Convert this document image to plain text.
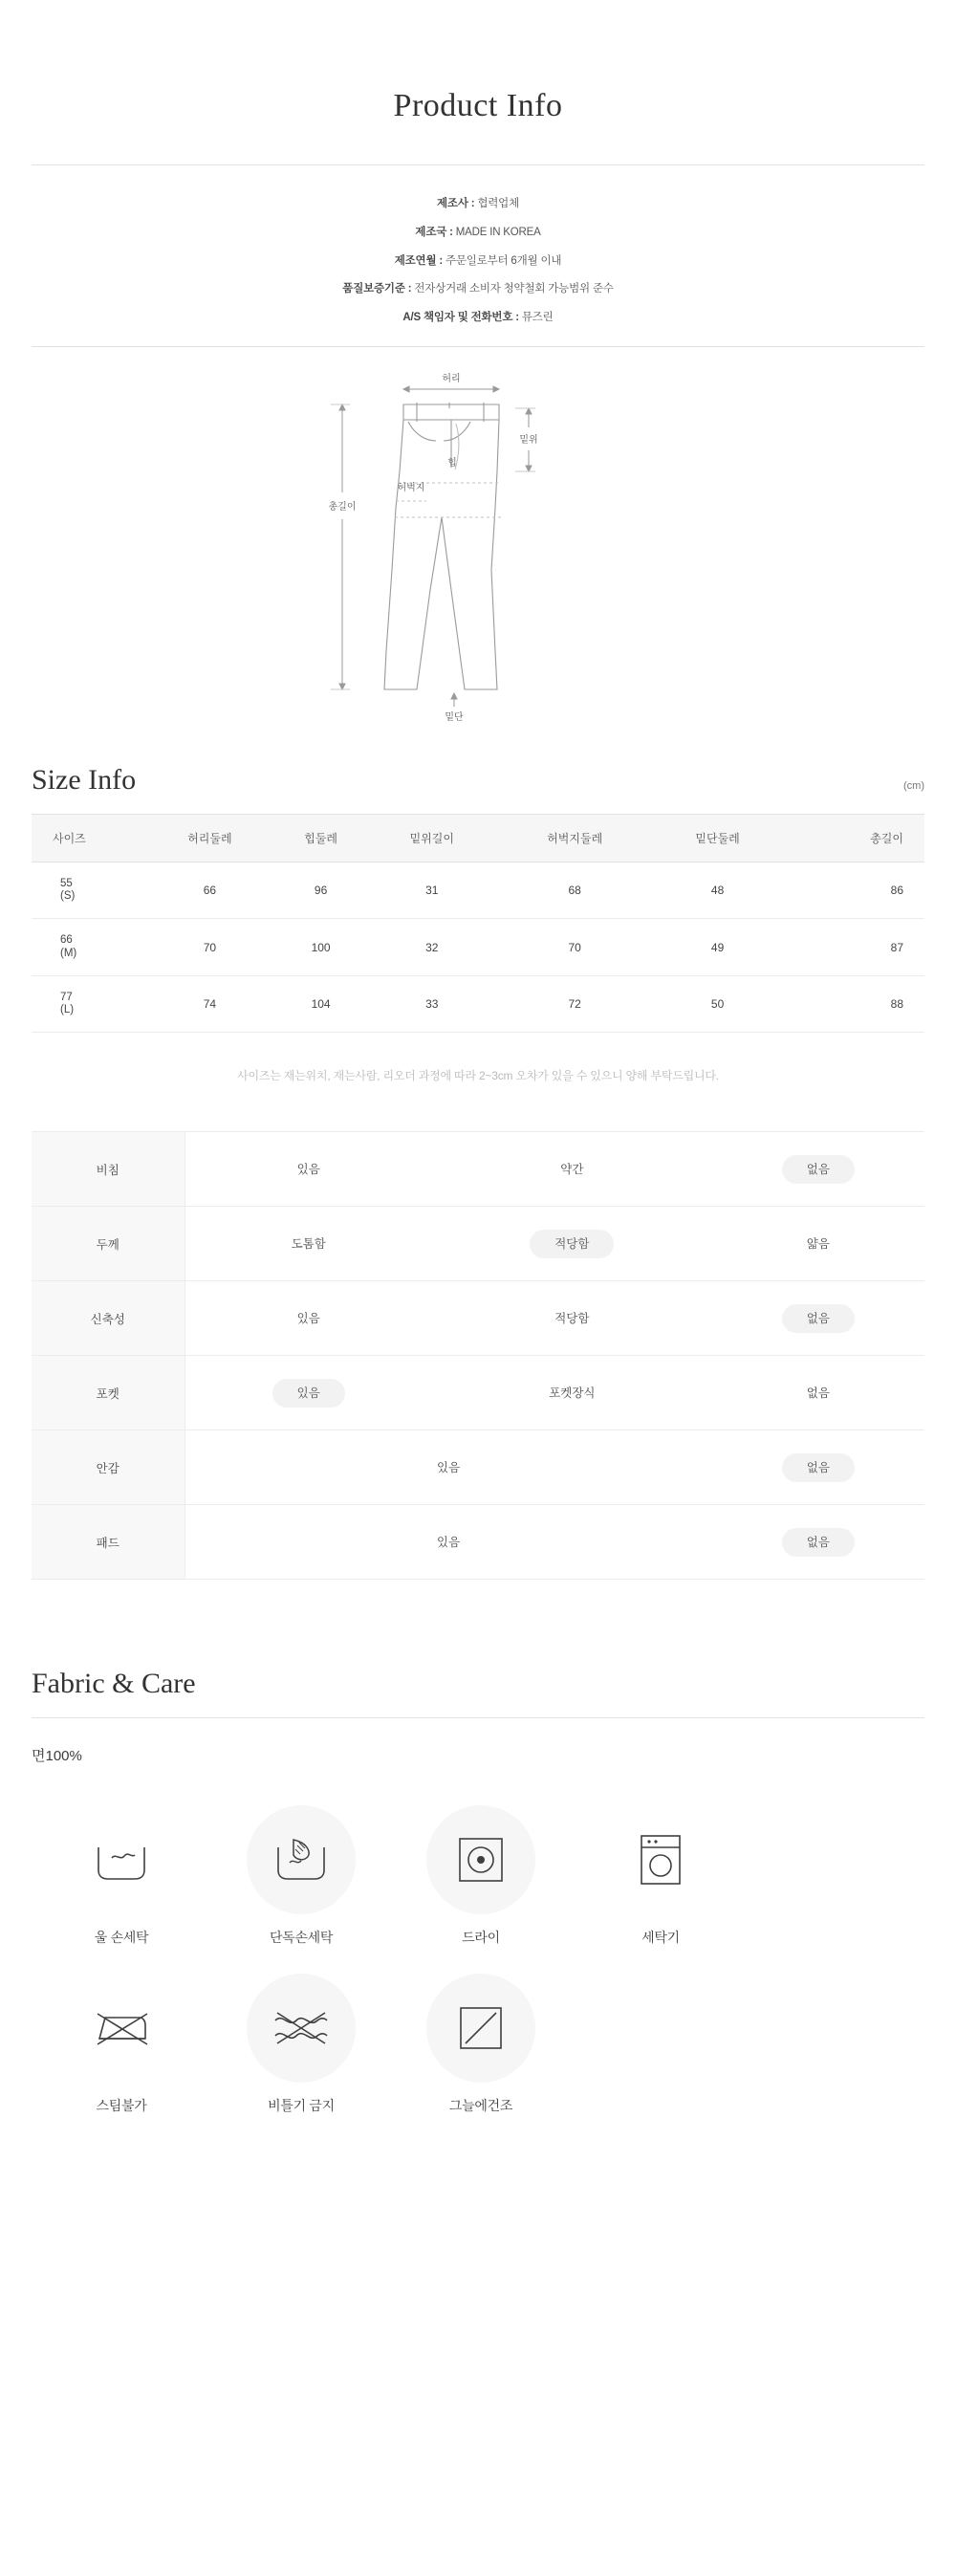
Product Info
제조사 : 협력업체
제조국 : MADE IN KOREA
제조연월 : 주문일로부터 6개월 이내
품질보증기준 : 전자상거래 소비자 청약철회 가능범위 준수
A/S 책임자 및 전화번호 : 뮤즈린
허리
밑위
힙
허벅지
총길이
밑단
Size Info	(cm)
사이즈	허리둘레	힙둘레	밑위길이	허벅지둘레	밑단둘레	총길이
55
(S)	66	96	31	68	48	86
66
(M)	70	100	32	70	49	87
77
(L)	74	104	33	72	50	88
사이즈는 재는위치, 재는사람, 리오더 과정에 따라 2~3cm 오차가 있을 수 있으니 양해 부탁드립니다.
비침	있음	약간	없음
두께	도톰함	적당함	얇음
신축성	있음	적당함	없음
포켓	있음	포켓장식	없음
안감	있음		없음
패드	있음		없음
Fabric & Care
면100%
울 손세탁	단독손세탁	드라이	세탁기
스팀불가	비틀기 금지	그늘에건조
